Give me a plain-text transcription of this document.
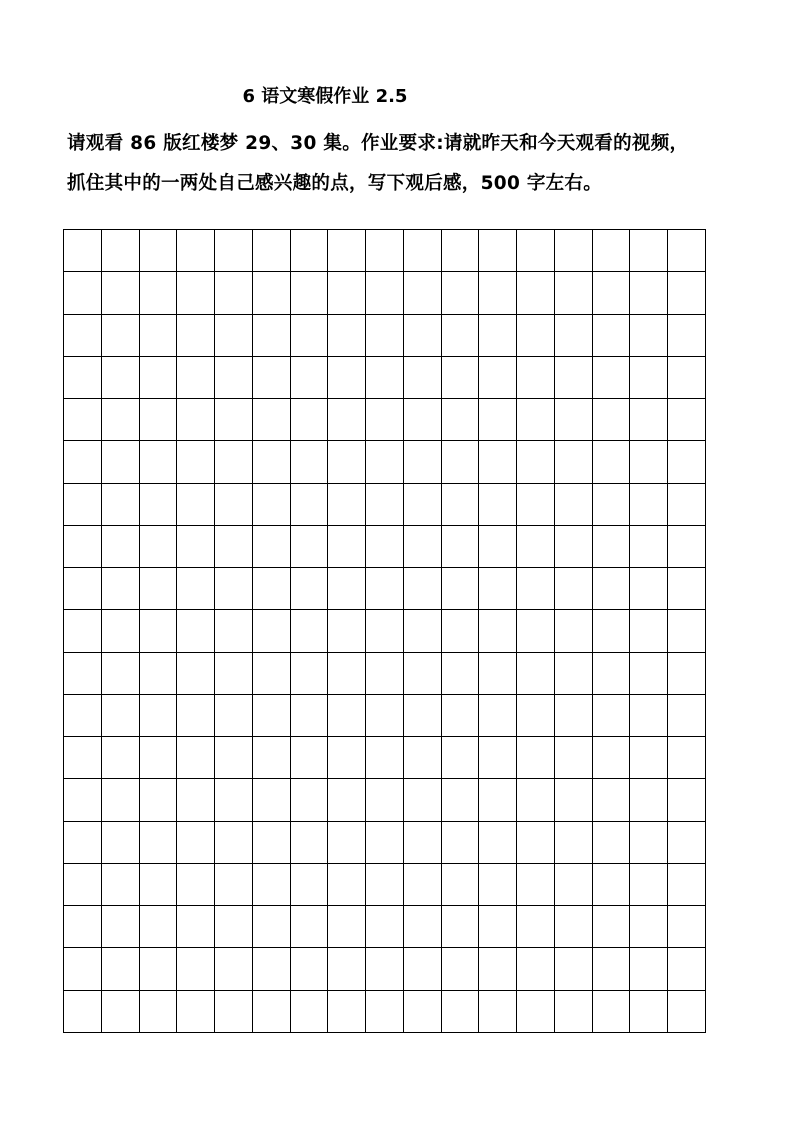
6 语文寒假作业 2.5
请观看 86 版红楼梦 29、30 集。作业要求:请就昨天和今天观看的视频，
抓住其中的一两处自己感兴趣的点，写下观后感，500 字左右。
